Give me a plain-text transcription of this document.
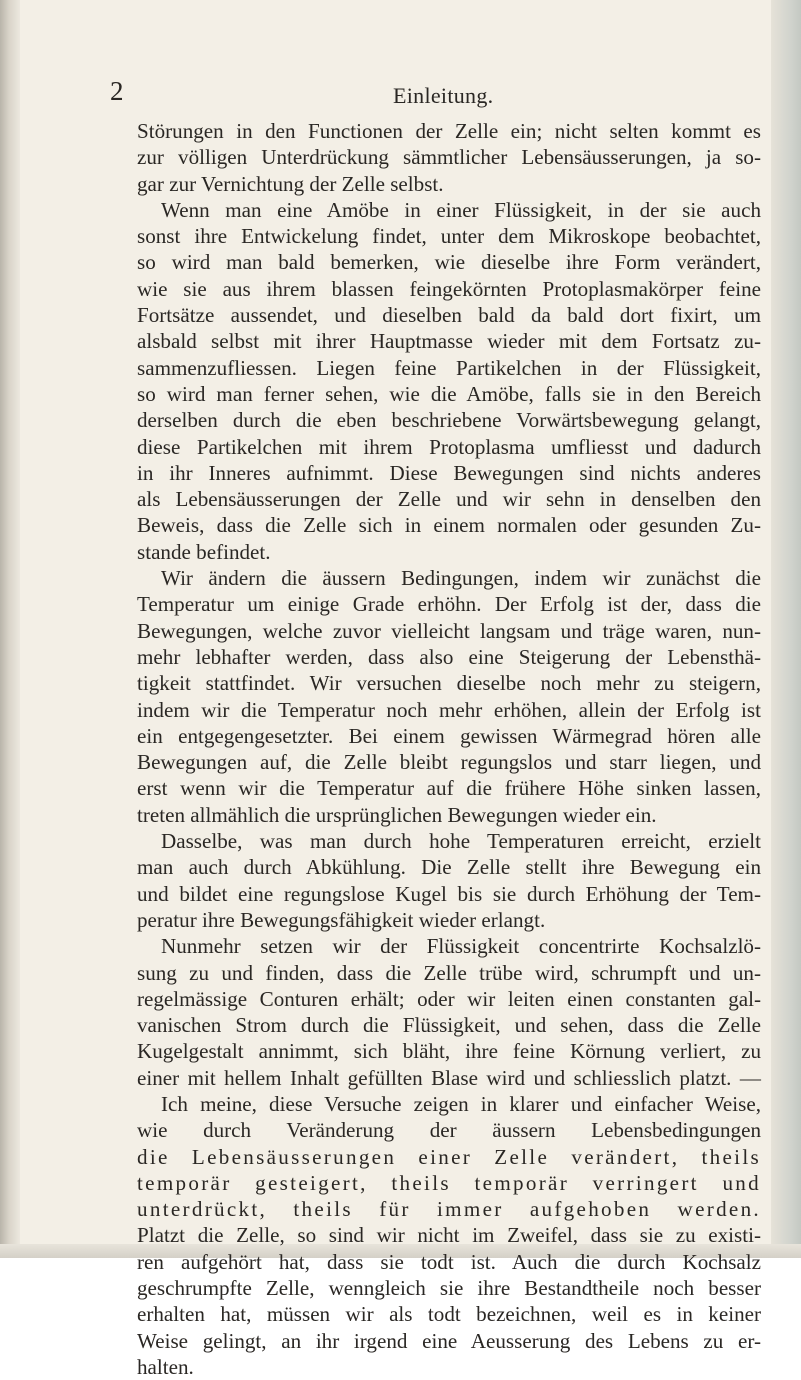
2	Einleitung.
Störungen in den Functionen der Zelle ein; nicht selten kommt es
zur völligen Unterdrückung sämmtlicher Lebensäusserungen, ja so-
gar zur Vernichtung der Zelle selbst.
Wenn man eine Amöbe in einer Flüssigkeit, in der sie auch
sonst ihre Entwickelung findet, unter dem Mikroskope beobachtet,
so wird man bald bemerken, wie dieselbe ihre Form verändert,
wie sie aus ihrem blassen feingekörnten Protoplasmakörper feine
Fortsätze aussendet, und dieselben bald da bald dort fixirt, um
alsbald selbst mit ihrer Hauptmasse wieder mit dem Fortsatz zu-
sammenzufliessen. Liegen feine Partikelchen in der Flüssigkeit,
so wird man ferner sehen, wie die Amöbe, falls sie in den Bereich
derselben durch die eben beschriebene Vorwärtsbewegung gelangt,
diese Partikelchen mit ihrem Protoplasma umfliesst und dadurch
in ihr Inneres aufnimmt. Diese Bewegungen sind nichts anderes
als Lebensäusserungen der Zelle und wir sehn in denselben den
Beweis, dass die Zelle sich in einem normalen oder gesunden Zu-
stande befindet.
Wir ändern die äussern Bedingungen, indem wir zunächst die
Temperatur um einige Grade erhöhn. Der Erfolg ist der, dass die
Bewegungen, welche zuvor vielleicht langsam und träge waren, nun-
mehr lebhafter werden, dass also eine Steigerung der Lebensthä-
tigkeit stattfindet. Wir versuchen dieselbe noch mehr zu steigern,
indem wir die Temperatur noch mehr erhöhen, allein der Erfolg ist
ein entgegengesetzter. Bei einem gewissen Wärmegrad hören alle
Bewegungen auf, die Zelle bleibt regungslos und starr liegen, und
erst wenn wir die Temperatur auf die frühere Höhe sinken lassen,
treten allmählich die ursprünglichen Bewegungen wieder ein.
Dasselbe, was man durch hohe Temperaturen erreicht, erzielt
man auch durch Abkühlung. Die Zelle stellt ihre Bewegung ein
und bildet eine regungslose Kugel bis sie durch Erhöhung der Tem-
peratur ihre Bewegungsfähigkeit wieder erlangt.
Nunmehr setzen wir der Flüssigkeit concentrirte Kochsalzlö-
sung zu und finden, dass die Zelle trübe wird, schrumpft und un-
regelmässige Conturen erhält; oder wir leiten einen constanten gal-
vanischen Strom durch die Flüssigkeit, und sehen, dass die Zelle
Kugelgestalt annimmt, sich bläht, ihre feine Körnung verliert, zu
einer mit hellem Inhalt gefüllten Blase wird und schliesslich platzt. —
Ich meine, diese Versuche zeigen in klarer und einfacher Weise,
wie durch Veränderung der äussern Lebensbedingungen
die Lebensäusserungen einer Zelle verändert, theils
temporär gesteigert, theils temporär verringert und
unterdrückt, theils für immer aufgehoben werden.
Platzt die Zelle, so sind wir nicht im Zweifel, dass sie zu existi-
ren aufgehört hat, dass sie todt ist. Auch die durch Kochsalz
geschrumpfte Zelle, wenngleich sie ihre Bestandtheile noch besser
erhalten hat, müssen wir als todt bezeichnen, weil es in keiner
Weise gelingt, an ihr irgend eine Aeusserung des Lebens zu er-
halten.
